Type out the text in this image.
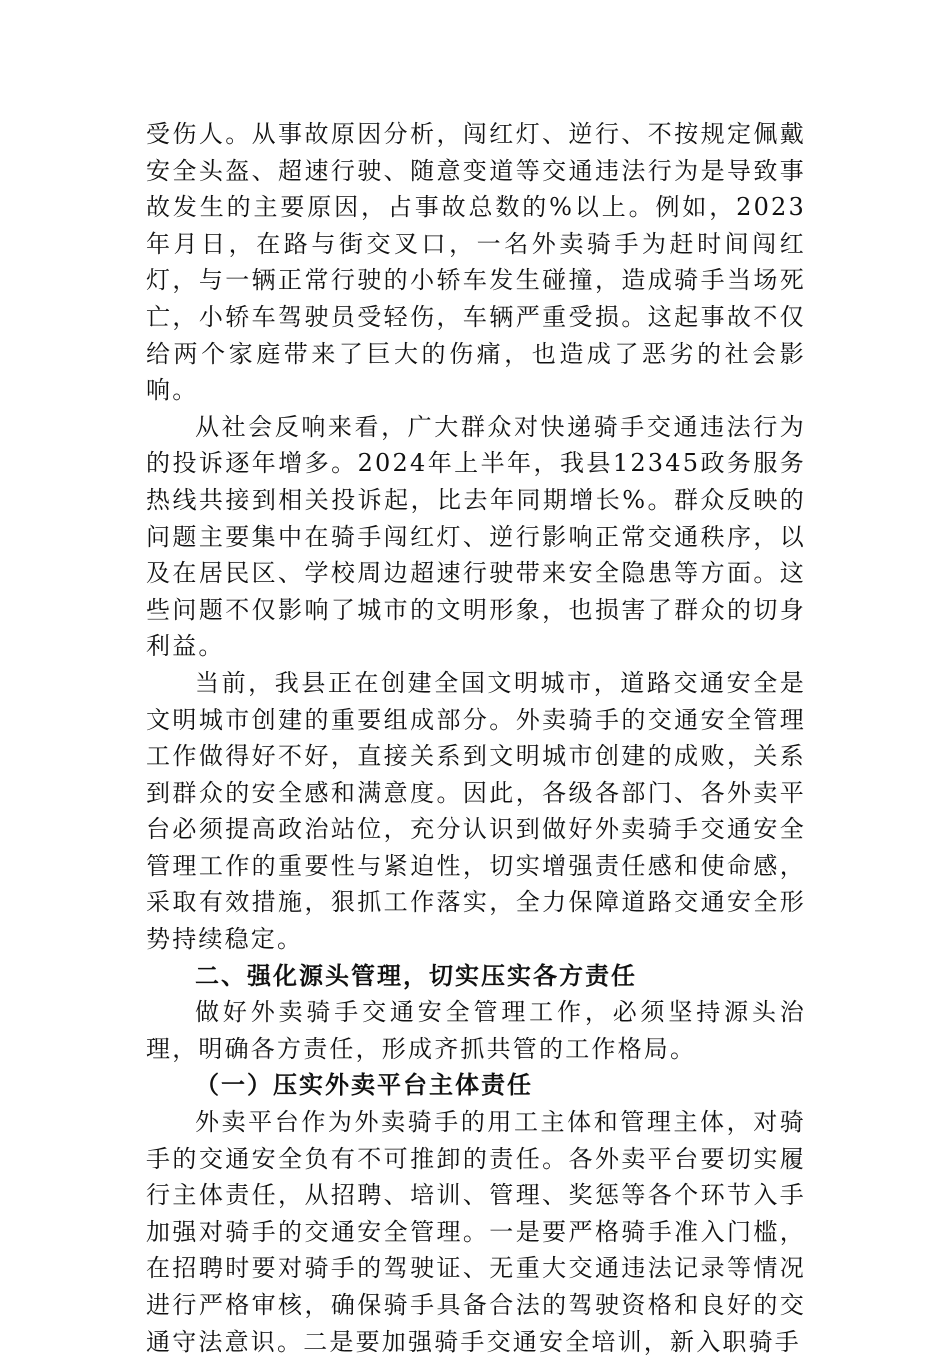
受伤人。从事故原因分析，闯红灯、逆行、不按规定佩戴安全头盔、超速行驶、随意变道等交通违法行为是导致事故发生的主要原因，占事故总数的%以上。例如，2023年月日，在路与街交叉口，一名外卖骑手为赶时间闯红灯，与一辆正常行驶的小轿车发生碰撞，造成骑手当场死亡，小轿车驾驶员受轻伤，车辆严重受损。这起事故不仅给两个家庭带来了巨大的伤痛，也造成了恶劣的社会影响。

从社会反响来看，广大群众对快递骑手交通违法行为的投诉逐年增多。2024年上半年，我县12345政务服务热线共接到相关投诉起，比去年同期增长%。群众反映的问题主要集中在骑手闯红灯、逆行影响正常交通秩序，以及在居民区、学校周边超速行驶带来安全隐患等方面。这些问题不仅影响了城市的文明形象，也损害了群众的切身利益。

当前，我县正在创建全国文明城市，道路交通安全是文明城市创建的重要组成部分。外卖骑手的交通安全管理工作做得好不好，直接关系到文明城市创建的成败，关系到群众的安全感和满意度。因此，各级各部门、各外卖平台必须提高政治站位，充分认识到做好外卖骑手交通安全管理工作的重要性与紧迫性，切实增强责任感和使命感，采取有效措施，狠抓工作落实，全力保障道路交通安全形势持续稳定。

二、强化源头管理，切实压实各方责任

做好外卖骑手交通安全管理工作，必须坚持源头治理，明确各方责任，形成齐抓共管的工作格局。

（一）压实外卖平台主体责任

外卖平台作为外卖骑手的用工主体和管理主体，对骑手的交通安全负有不可推卸的责任。各外卖平台要切实履行主体责任，从招聘、培训、管理、奖惩等各个环节入手加强对骑手的交通安全管理。一是要严格骑手准入门槛，在招聘时要对骑手的驾驶证、无重大交通违法记录等情况进行严格审核，确保骑手具备合法的驾驶资格和良好的交通守法意识。二是要加强骑手交通安全培训，新入职骑手
